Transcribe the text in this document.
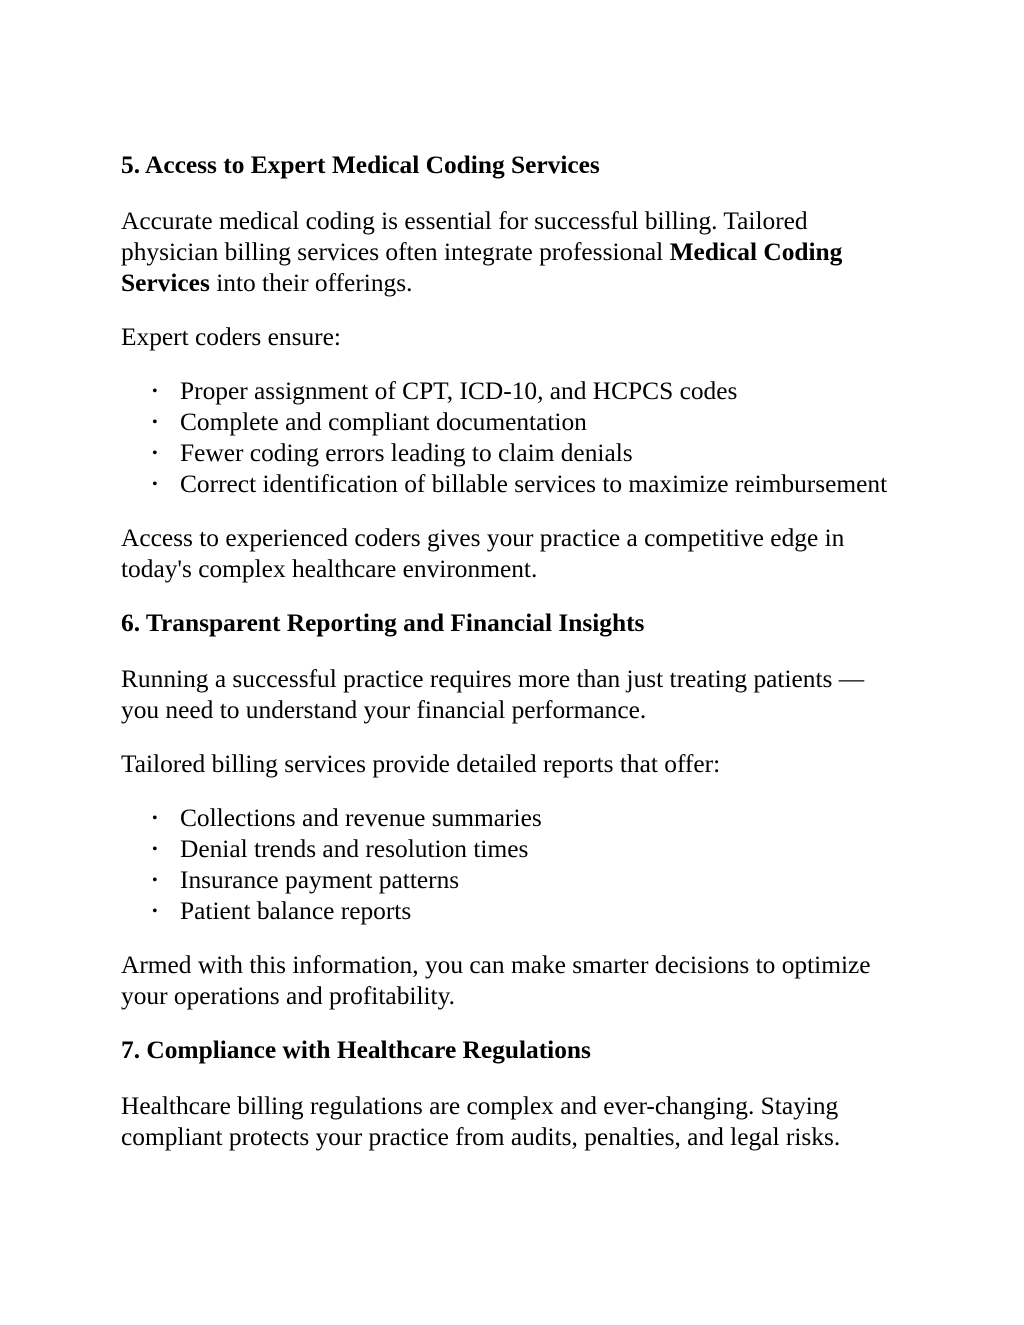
5. Access to Expert Medical Coding Services

Accurate medical coding is essential for successful billing. Tailored physician billing services often integrate professional Medical Coding Services into their offerings.

Expert coders ensure:

• Proper assignment of CPT, ICD-10, and HCPCS codes
• Complete and compliant documentation
• Fewer coding errors leading to claim denials
• Correct identification of billable services to maximize reimbursement

Access to experienced coders gives your practice a competitive edge in today's complex healthcare environment.

6. Transparent Reporting and Financial Insights

Running a successful practice requires more than just treating patients — you need to understand your financial performance.

Tailored billing services provide detailed reports that offer:

• Collections and revenue summaries
• Denial trends and resolution times
• Insurance payment patterns
• Patient balance reports

Armed with this information, you can make smarter decisions to optimize your operations and profitability.

7. Compliance with Healthcare Regulations

Healthcare billing regulations are complex and ever-changing. Staying compliant protects your practice from audits, penalties, and legal risks.
